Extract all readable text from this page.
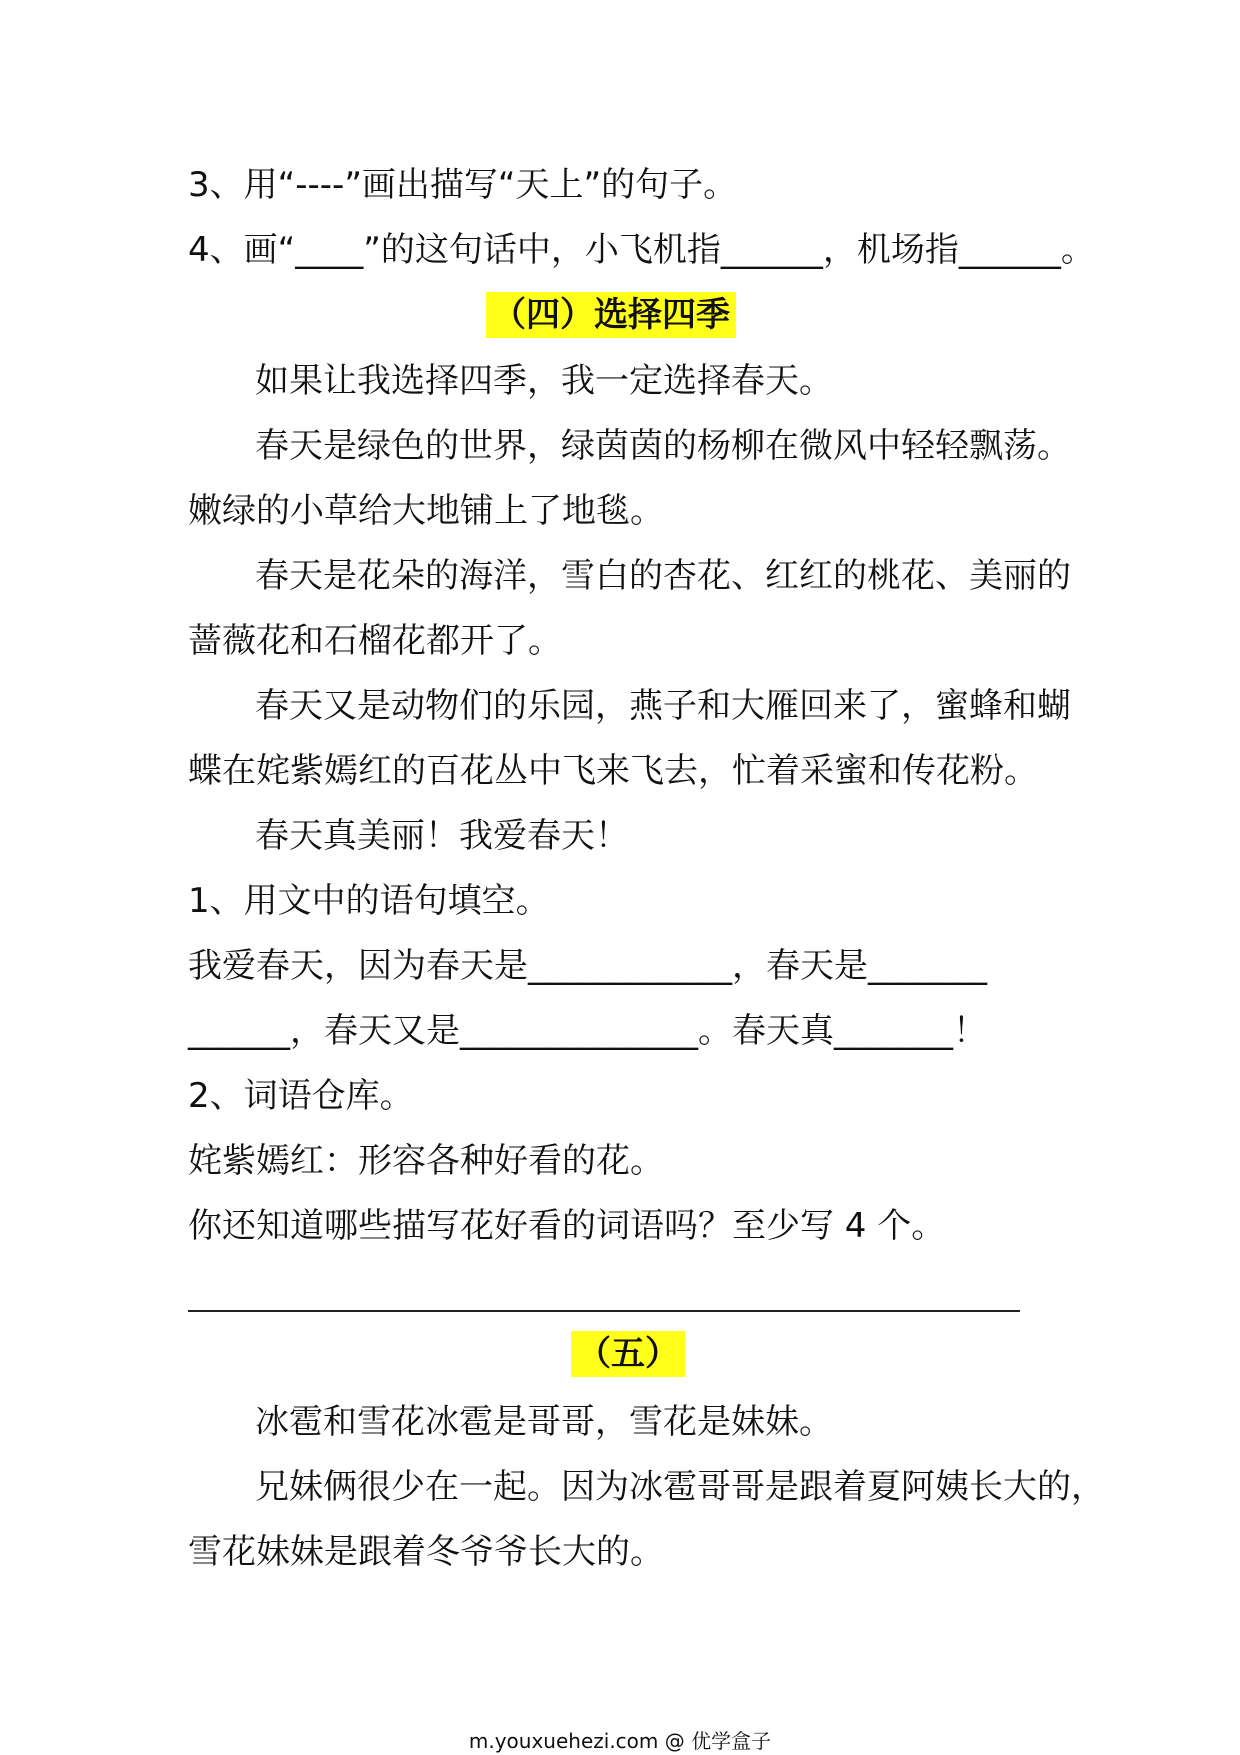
3、用“----”画出描写“天上”的句子。
4、画“____”的这句话中，小飞机指______，机场指______。
（四）选择四季
如果让我选择四季，我一定选择春天。
春天是绿色的世界，绿茵茵的杨柳在微风中轻轻飘荡。
嫩绿的小草给大地铺上了地毯。
春天是花朵的海洋，雪白的杏花、红红的桃花、美丽的
蔷薇花和石榴花都开了。
春天又是动物们的乐园，燕子和大雁回来了，蜜蜂和蝴
蝶在姹紫嫣红的百花丛中飞来飞去，忙着采蜜和传花粉。
春天真美丽！我爱春天！
1、用文中的语句填空。
我爱春天，因为春天是____________，春天是_______
______，春天又是______________。春天真_______！
2、词语仓库。
姹紫嫣红：形容各种好看的花。
你还知道哪些描写花好看的词语吗？至少写 4 个。
（五）
冰雹和雪花冰雹是哥哥，雪花是妹妹。
兄妹俩很少在一起。因为冰雹哥哥是跟着夏阿姨长大的，
雪花妹妹是跟着冬爷爷长大的。
m.youxuehezi.com @ 优学盒子
